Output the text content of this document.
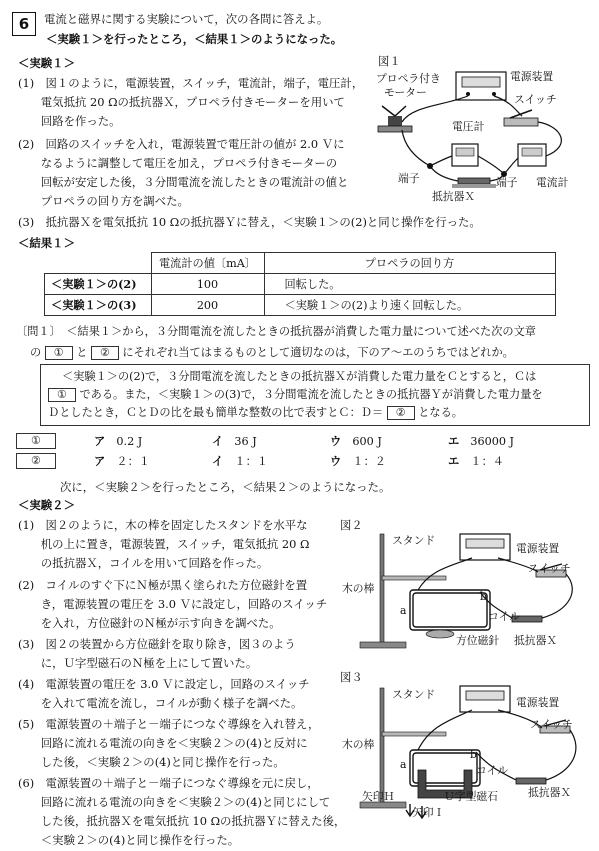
6	電流と磁界に関する実験について，次の各問に答えよ。
＜実験１＞を行ったところ，＜結果１＞のようになった。
＜実験１＞
(1)　図１のように，電源装置，スイッチ，電流計，端子，電圧計，
　　電気抵抗 20 Ωの抵抗器Ｘ，プロペラ付きモーターを用いて
　　回路を作った。
(2)　回路のスイッチを入れ，電源装置で電圧計の値が 2.0 Ｖに
　　なるように調整して電圧を加え，プロペラ付きモーターの
　　回転が安定した後，３分間電流を流したときの電流計の値と
　　プロペラの回り方を調べた。
(3)　抵抗器Ｘを電気抵抗 10 Ωの抵抗器Ｙに替え，＜実験１＞の(2)と同じ操作を行った。
図１
プロペラ付き
モーター
電源装置
スイッチ
電圧計
端子	端子 電流計
抵抗器Ｘ
＜結果１＞
	電流計の値〔mA〕	プロペラの回り方
＜実験１＞の(2)	100	回転した。
＜実験１＞の(3)	200	＜実験１＞の(2)より速く回転した。
〔問１〕　＜結果１＞から，３分間電流を流したときの抵抗器が消費した電力量について述べた次の文章
の ① と ② にそれぞれ当てはまるものとして適切なのは，下のア～エのうちではどれか。
＜実験１＞の(2)で，３分間電流を流したときの抵抗器Ｘが消費した電力量をＣとすると，Ｃは
① である。また，＜実験１＞の(3)で，３分間電流を流したときの抵抗器Ｙが消費した電力量を
Ｄとしたとき，ＣとＤの比を最も簡単な整数の比で表すとＣ：Ｄ＝ ② となる。
①	ア　 0.2 J	イ　 36 J	ウ　 600 J	エ　 36000 J
②	ア　 ２：１	イ　 １：１	ウ　 １：２	エ　 １：４
次に，＜実験２＞を行ったところ，＜結果２＞のようになった。
＜実験２＞
(1)　図２のように，木の棒を固定したスタンドを水平な
　　机の上に置き，電源装置，スイッチ，電気抵抗 20 Ω
　　の抵抗器Ｘ，コイルを用いて回路を作った。
(2)　コイルのすぐ下にＮ極が黒く塗られた方位磁針を置
　　き，電源装置の電圧を 3.0 Ｖに設定し，回路のスイッチ
　　を入れ，方位磁針のＮ極が示す向きを調べた。
(3)　図２の装置から方位磁針を取り除き，図３のよう
　　に，Ｕ字型磁石のＮ極を上にして置いた。
(4)　電源装置の電圧を 3.0 Ｖに設定し，回路のスイッチ
　　を入れて電流を流し，コイルが動く様子を調べた。
(5)　電源装置の＋端子と－端子につなぐ導線を入れ替え，
　　回路に流れる電流の向きを＜実験２＞の(4)と反対に
　　した後，＜実験２＞の(4)と同じ操作を行った。
(6)　電源装置の＋端子と－端子につなぐ導線を元に戻し，
　　回路に流れる電流の向きを＜実験２＞の(4)と同じにして
　　した後，抵抗器Ｘを電気抵抗 10 Ωの抵抗器Ｙに替えた後，
　　＜実験２＞の(4)と同じ操作を行った。
図２
スタンド
電源装置
スイッチ
木の棒
a
b
コイル
方位磁針 抵抗器Ｘ
図３
スタンド
電源装置
スイッチ
木の棒
a
b
コイル
抵抗器Ｘ
矢印Ｈ
矢印Ｉ
Ｕ字型磁石
